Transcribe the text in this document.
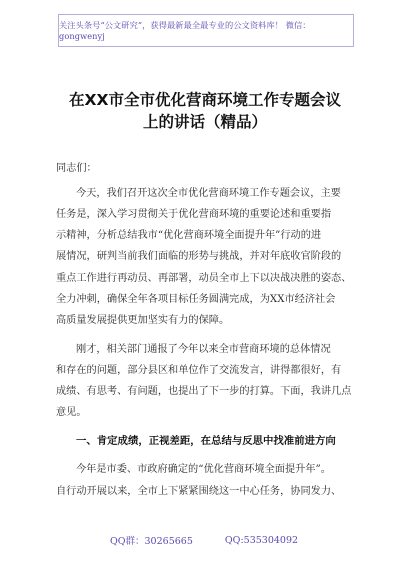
关注头条号“公文研究”，获得最新最全最专业的公文资料库！ 微信：gongwenyj
在XX市全市优化营商环境工作专题会议
上的讲话（精品）
同志们：
今天，我们召开这次全市优化营商环境工作专题会议，主要
任务是，深入学习贯彻关于优化营商环境的重要论述和重要指
示精神，分析总结我市“优化营商环境全面提升年”行动的进
展情况，研判当前我们面临的形势与挑战，并对年底收官阶段的
重点工作进行再动员、再部署，动员全市上下以决战决胜的姿态、
全力冲刺，确保全年各项目标任务圆满完成，为XX市经济社会
高质量发展提供更加坚实有力的保障。
刚才，相关部门通报了今年以来全市营商环境的总体情况
和存在的问题，部分县区和单位作了交流发言，讲得都很好，有
成绩、有思考、有问题，也提出了下一步的打算。下面，我讲几点
意见。
一、肯定成绩，正视差距，在总结与反思中找准前进方向
今年是市委、市政府确定的“优化营商环境全面提升年”。
自行动开展以来，全市上下紧紧围绕这一中心任务，协同发力、
QQ群：30265665	QQ:535304092
